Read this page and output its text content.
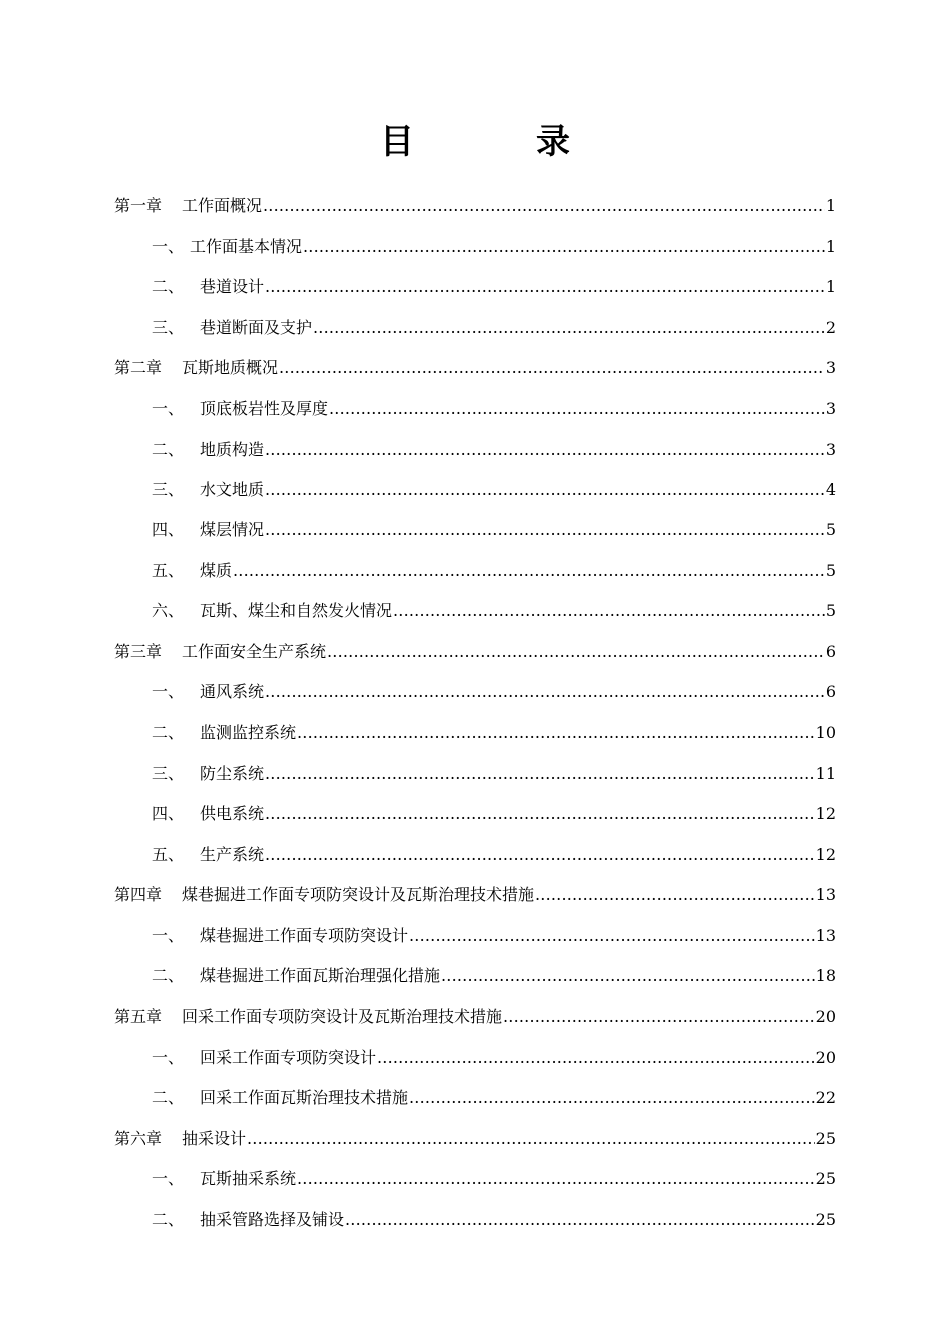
目　录
第一章	工作面概况 .....	1
一、 工作面基本情况 .....	1
二、 巷道设计 .....	1
三、 巷道断面及支护 .....	2
第二章	瓦斯地质概况 .....	3
一、 顶底板岩性及厚度 .....	3
二、 地质构造 .....	3
三、 水文地质 .....	4
四、 煤层情况 .....	5
五、 煤质 .....	5
六、 瓦斯、煤尘和自然发火情况 .....	5
第三章	工作面安全生产系统 .....	6
一、 通风系统 .....	6
二、 监测监控系统 .....	10
三、 防尘系统 .....	11
四、 供电系统 .....	12
五、 生产系统 .....	12
第四章	煤巷掘进工作面专项防突设计及瓦斯治理技术措施 .....	13
一、 煤巷掘进工作面专项防突设计 .....	13
二、 煤巷掘进工作面瓦斯治理强化措施 .....	18
第五章	回采工作面专项防突设计及瓦斯治理技术措施 .....	20
一、 回采工作面专项防突设计 .....	20
二、 回采工作面瓦斯治理技术措施 .....	22
第六章	抽采设计 .....	25
一、 瓦斯抽采系统 .....	25
二、 抽采管路选择及铺设 .....	25
